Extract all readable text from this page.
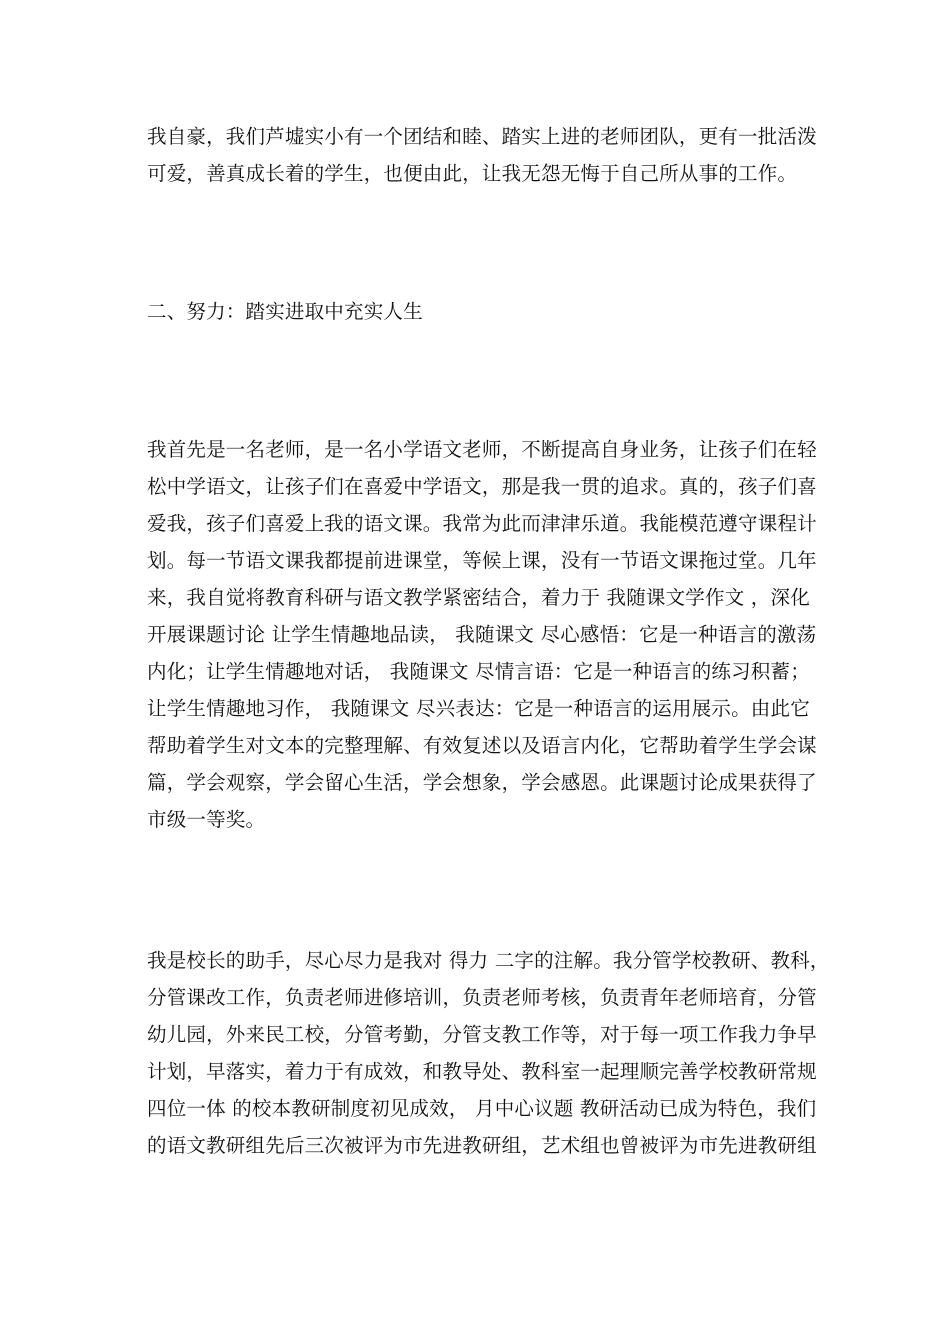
我自豪，我们芦墟实小有一个团结和睦、踏实上进的老师团队，更有一批活泼

可爱，善真成长着的学生，也便由此，让我无怨无悔于自己所从事的工作。

二、努力：踏实进取中充实人生

我首先是一名老师，是一名小学语文老师，不断提高自身业务，让孩子们在轻

松中学语文，让孩子们在喜爱中学语文，那是我一贯的追求。真的，孩子们喜

爱我，孩子们喜爱上我的语文课。我常为此而津津乐道。我能模范遵守课程计

划。每一节语文课我都提前进课堂，等候上课，没有一节语文课拖过堂。几年

来，我自觉将教育科研与语文教学紧密结合，着力于 我随课文学作文 ，深化

开展课题讨论 让学生情趣地品读， 我随课文 尽心感悟：它是一种语言的激荡

内化；让学生情趣地对话， 我随课文 尽情言语：它是一种语言的练习积蓄；

让学生情趣地习作， 我随课文 尽兴表达：它是一种语言的运用展示。由此它

帮助着学生对文本的完整理解、有效复述以及语言内化，它帮助着学生学会谋

篇，学会观察，学会留心生活，学会想象，学会感恩。此课题讨论成果获得了

市级一等奖。

我是校长的助手，尽心尽力是我对 得力 二字的注解。我分管学校教研、教科，

分管课改工作，负责老师进修培训，负责老师考核，负责青年老师培育，分管

幼儿园，外来民工校，分管考勤，分管支教工作等，对于每一项工作我力争早

计划，早落实，着力于有成效，和教导处、教科室一起理顺完善学校教研常规

四位一体 的校本教研制度初见成效， 月中心议题 教研活动已成为特色，我们

的语文教研组先后三次被评为市先进教研组，艺术组也曾被评为市先进教研组
